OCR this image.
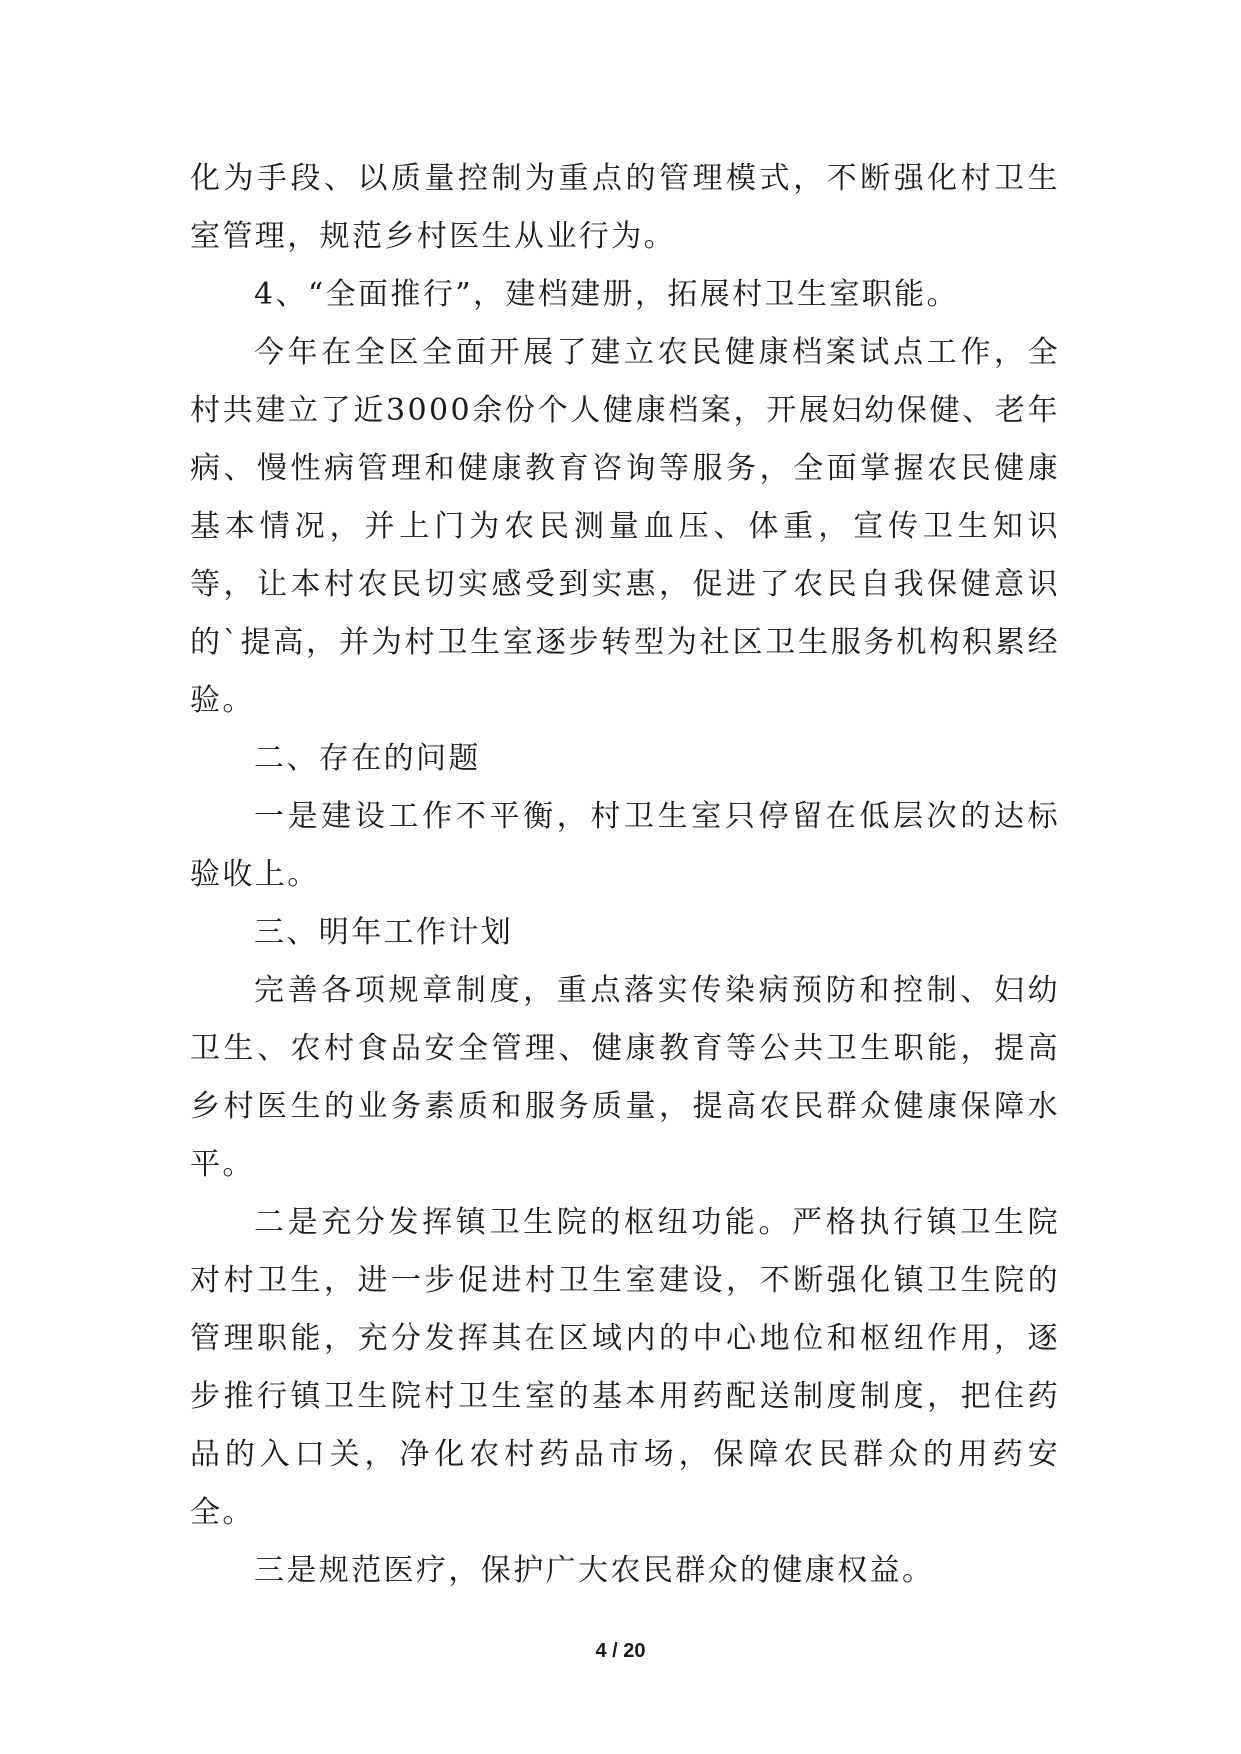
化为手段、以质量控制为重点的管理模式，不断强化村卫生室管理，规范乡村医生从业行为。

4、“全面推行”，建档建册，拓展村卫生室职能。

今年在全区全面开展了建立农民健康档案试点工作，全村共建立了近3000余份个人健康档案，开展妇幼保健、老年病、慢性病管理和健康教育咨询等服务，全面掌握农民健康基本情况，并上门为农民测量血压、体重，宣传卫生知识等，让本村农民切实感受到实惠，促进了农民自我保健意识的`提高，并为村卫生室逐步转型为社区卫生服务机构积累经验。

二、存在的问题

一是建设工作不平衡，村卫生室只停留在低层次的达标验收上。

三、明年工作计划

完善各项规章制度，重点落实传染病预防和控制、妇幼卫生、农村食品安全管理、健康教育等公共卫生职能，提高乡村医生的业务素质和服务质量，提高农民群众健康保障水平。

二是充分发挥镇卫生院的枢纽功能。严格执行镇卫生院对村卫生，进一步促进村卫生室建设，不断强化镇卫生院的管理职能，充分发挥其在区域内的中心地位和枢纽作用，逐步推行镇卫生院村卫生室的基本用药配送制度制度，把住药品的入口关，净化农村药品市场，保障农民群众的用药安全。

三是规范医疗，保护广大农民群众的健康权益。

4 / 20
